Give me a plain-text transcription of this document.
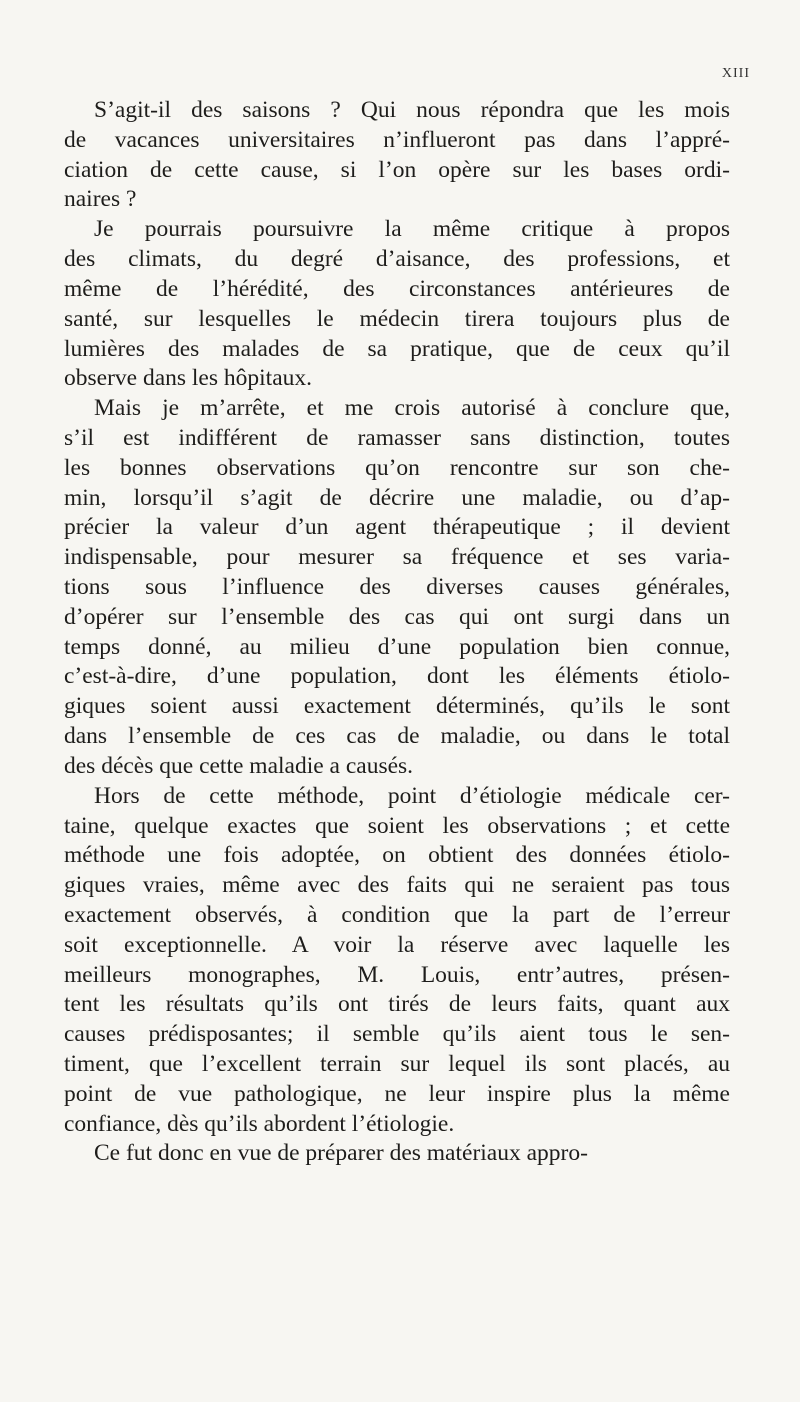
XIII
S’agit-il des saisons ? Qui nous répondra que les mois
de vacances universitaires n’influeront pas dans l’appré-
ciation de cette cause, si l’on opère sur les bases ordi-
naires ?
Je pourrais poursuivre la même critique à propos
des climats, du degré d’aisance, des professions, et
même de l’hérédité, des circonstances antérieures de
santé, sur lesquelles le médecin tirera toujours plus de
lumières des malades de sa pratique, que de ceux qu’il
observe dans les hôpitaux.
Mais je m’arrête, et me crois autorisé à conclure que,
s’il est indifférent de ramasser sans distinction, toutes
les bonnes observations qu’on rencontre sur son che-
min, lorsqu’il s’agit de décrire une maladie, ou d’ap-
précier la valeur d’un agent thérapeutique ; il devient
indispensable, pour mesurer sa fréquence et ses varia-
tions sous l’influence des diverses causes générales,
d’opérer sur l’ensemble des cas qui ont surgi dans un
temps donné, au milieu d’une population bien connue,
c’est-à-dire, d’une population, dont les éléments étiolo-
giques soient aussi exactement déterminés, qu’ils le sont
dans l’ensemble de ces cas de maladie, ou dans le total
des décès que cette maladie a causés.
Hors de cette méthode, point d’étiologie médicale cer-
taine, quelque exactes que soient les observations ; et cette
méthode une fois adoptée, on obtient des données étiolo-
giques vraies, même avec des faits qui ne seraient pas tous
exactement observés, à condition que la part de l’erreur
soit exceptionnelle. A voir la réserve avec laquelle les
meilleurs monographes, M. Louis, entr’autres, présen-
tent les résultats qu’ils ont tirés de leurs faits, quant aux
causes prédisposantes; il semble qu’ils aient tous le sen-
timent, que l’excellent terrain sur lequel ils sont placés, au
point de vue pathologique, ne leur inspire plus la même
confiance, dès qu’ils abordent l’étiologie.
Ce fut donc en vue de préparer des matériaux appro-
